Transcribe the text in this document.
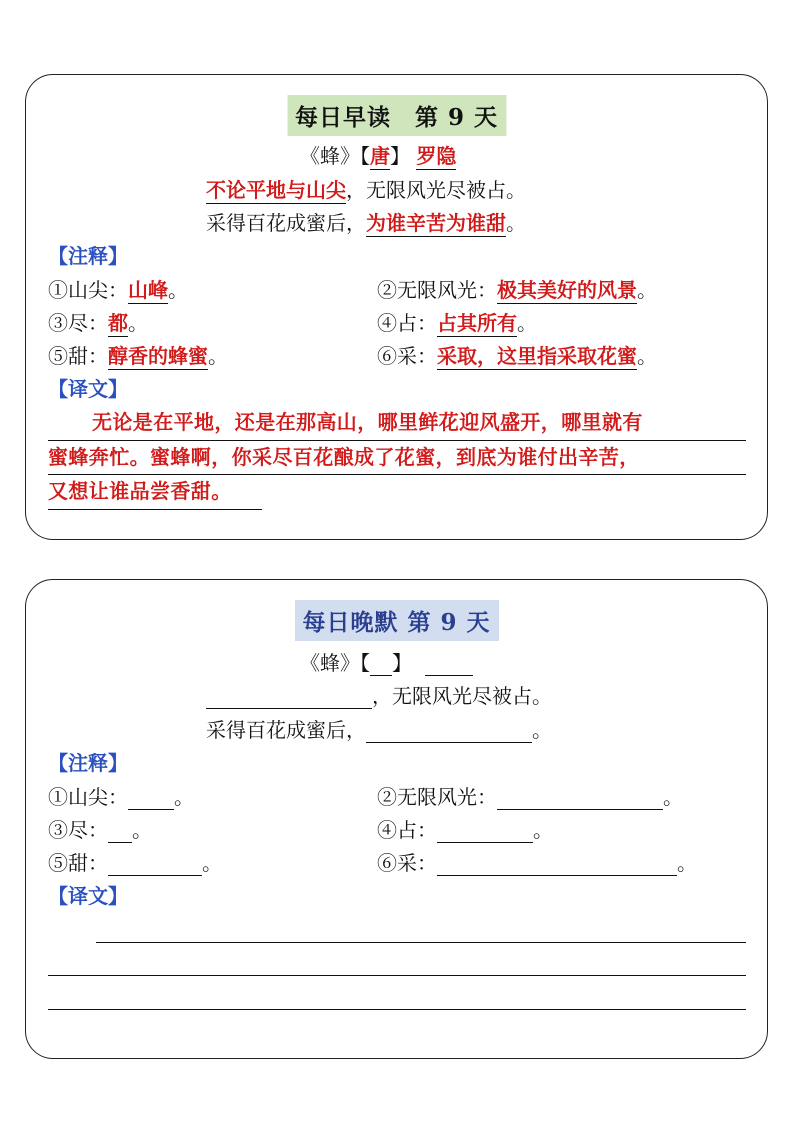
每日早读　第 9 天
《蜂》【唐】 罗隐
不论平地与山尖，无限风光尽被占。
采得百花成蜜后，为谁辛苦为谁甜。
【注释】
①山尖：山峰。	②无限风光：极其美好的风景。
③尽：都。	④占：占其所有。
⑤甜：醇香的蜂蜜。	⑥采：采取，这里指采取花蜜。
【译文】
无论是在平地，还是在那高山，哪里鲜花迎风盛开，哪里就有
蜜蜂奔忙。蜜蜂啊，你采尽百花酿成了花蜜，到底为谁付出辛苦，
又想让谁品尝香甜。
每日晚默 第 9 天
《蜂》【 】
，无限风光尽被占。
采得百花成蜜后，	。
【注释】
①山尖： 。	②无限风光：	。
③尽： 。	④占：	。
⑤甜：	。	⑥采：	。
【译文】
